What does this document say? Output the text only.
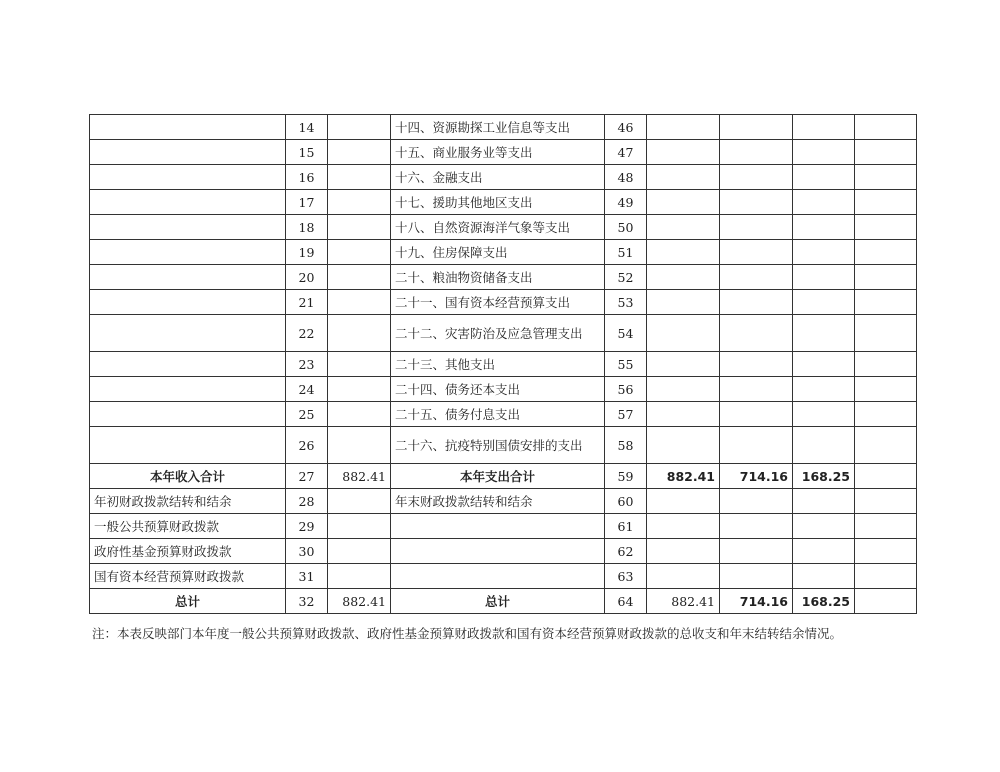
	14		十四、资源勘探工业信息等支出	46				
	15		十五、商业服务业等支出	47				
	16		十六、金融支出	48				
	17		十七、援助其他地区支出	49				
	18		十八、自然资源海洋气象等支出	50				
	19		十九、住房保障支出	51				
	20		二十、粮油物资储备支出	52				
	21		二十一、国有资本经营预算支出	53				
	22		二十二、灾害防治及应急管理支出	54				
	23		二十三、其他支出	55				
	24		二十四、债务还本支出	56				
	25		二十五、债务付息支出	57				
	26		二十六、抗疫特别国债安排的支出	58				
本年收入合计	27	882.41	本年支出合计	59	882.41	714.16	168.25	
年初财政拨款结转和结余	28		年末财政拨款结转和结余	60				
一般公共预算财政拨款	29			61				
政府性基金预算财政拨款	30			62				
国有资本经营预算财政拨款	31			63				
总计	32	882.41	总计	64	882.41	714.16	168.25	
注：本表反映部门本年度一般公共预算财政拨款、政府性基金预算财政拨款和国有资本经营预算财政拨款的总收支和年末结转结余情况。
